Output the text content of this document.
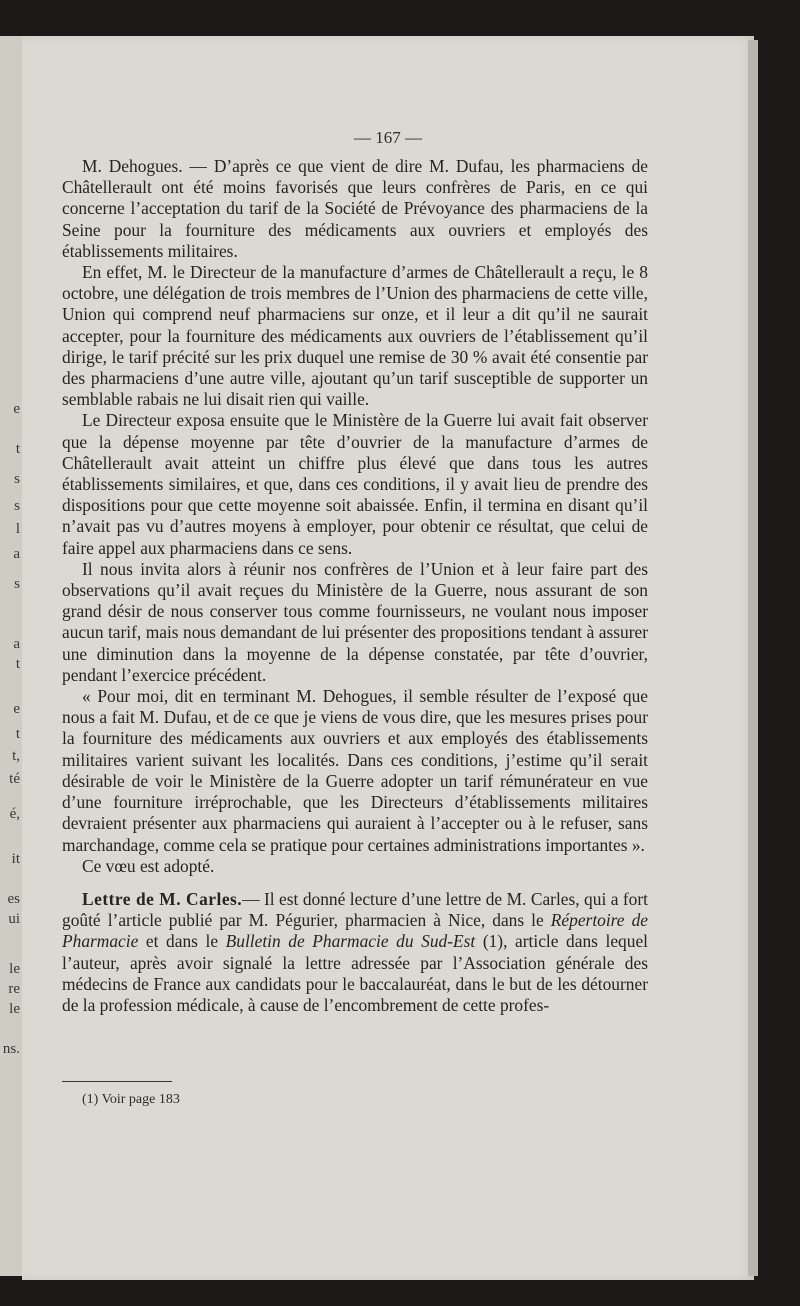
e
t
s
s
l
a
s
a
t
e
t
t,
té
é,
it
es
ui
le
re
le
ns.
— 167 —

M. Dehogues. — D’après ce que vient de dire M. Dufau, les pharmaciens de Châtellerault ont été moins favorisés que leurs confrères de Paris, en ce qui concerne l’acceptation du tarif de la Société de Prévoyance des pharmaciens de la Seine pour la fourniture des médicaments aux ouvriers et employés des établissements militaires.

En effet, M. le Directeur de la manufacture d’armes de Châtellerault a reçu, le 8 octobre, une délégation de trois membres de l’Union des pharmaciens de cette ville, Union qui comprend neuf pharmaciens sur onze, et il leur a dit qu’il ne saurait accepter, pour la fourniture des médicaments aux ouvriers de l’établissement qu’il dirige, le tarif précité sur les prix duquel une remise de 30 % avait été consentie par des pharmaciens d’une autre ville, ajoutant qu’un tarif susceptible de supporter un semblable rabais ne lui disait rien qui vaille.

Le Directeur exposa ensuite que le Ministère de la Guerre lui avait fait observer que la dépense moyenne par tête d’ouvrier de la manufacture d’armes de Châtellerault avait atteint un chiffre plus élevé que dans tous les autres établissements similaires, et que, dans ces conditions, il y avait lieu de prendre des dispositions pour que cette moyenne soit abaissée. Enfin, il termina en disant qu’il n’avait pas vu d’autres moyens à employer, pour obtenir ce résultat, que celui de faire appel aux pharmaciens dans ce sens.

Il nous invita alors à réunir nos confrères de l’Union et à leur faire part des observations qu’il avait reçues du Ministère de la Guerre, nous assurant de son grand désir de nous conserver tous comme fournisseurs, ne voulant nous imposer aucun tarif, mais nous demandant de lui présenter des propositions tendant à assurer une diminution dans la moyenne de la dépense constatée, par tête d’ouvrier, pendant l’exercice précédent.

« Pour moi, dit en terminant M. Dehogues, il semble résulter de l’exposé que nous a fait M. Dufau, et de ce que je viens de vous dire, que les mesures prises pour la fourniture des médicaments aux ouvriers et aux employés des établissements militaires varient suivant les localités. Dans ces conditions, j’estime qu’il serait désirable de voir le Ministère de la Guerre adopter un tarif rémunérateur en vue d’une fourniture irréprochable, que les Directeurs d’établissements militaires devraient présenter aux pharmaciens qui auraient à l’accepter ou à le refuser, sans marchandage, comme cela se pratique pour certaines administrations importantes ».

Ce vœu est adopté.

Lettre de M. Carles.— Il est donné lecture d’une lettre de M. Carles, qui a fort goûté l’article publié par M. Pégurier, pharmacien à Nice, dans le Répertoire de Pharmacie et dans le Bulletin de Pharmacie du Sud-Est (1), article dans lequel l’auteur, après avoir signalé la lettre adressée par l’Association générale des médecins de France aux candidats pour le baccalauréat, dans le but de les détourner de la profession médicale, à cause de l’encombrement de cette profes-

(1) Voir page 183
